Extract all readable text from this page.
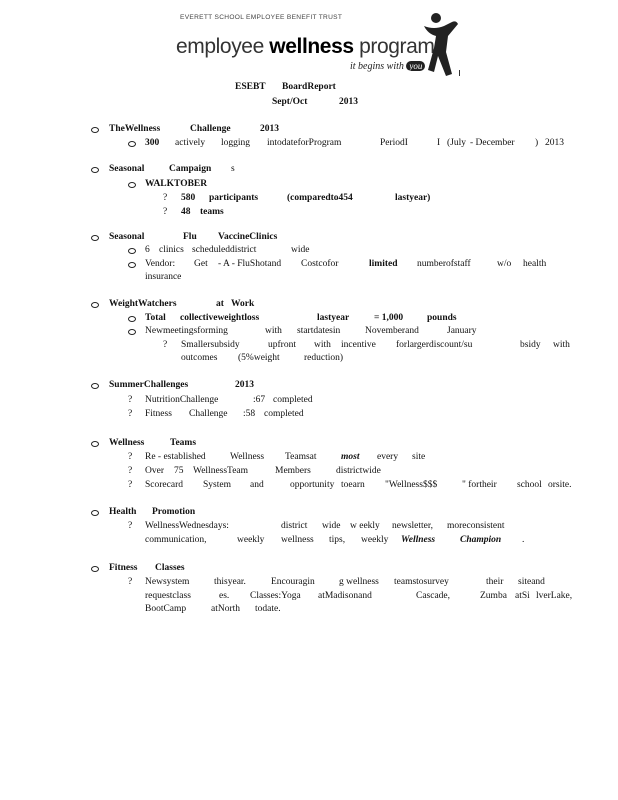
EVERETT SCHOOL EMPLOYEE BENEFIT TRUST
employee wellness program
it begins with you
ESEBT BoardReport
Sept/Oct	2013
TheWellness	Challenge	2013
300 actively logging intodateforProgram	PeriodI	I (July - December ) 2013
Seasonal	Campaign s
WALKTOBER
? 580 participants	(comparedto454	lastyear)
? 48 teams
Seasonal	Flu VaccineClinics
6 clinics scheduleddistrict	wide
Vendor: Get - A - FluShotand Costcofor	limited numberofstaff	w/o health
insurance
WeightWatchers	at Work
Total collectiveweightloss	lastyear	= 1,000	pounds
Newmeetingsforming	with startdatesin	Novemberand	January
? Smallersubsidy	upfront with incentive forlargerdiscount/su	bsidy with
outcomes (5%weight	reduction)
SummerChallenges	2013
? NutritionChallenge	:67 completed
? Fitness Challenge :58 completed
Wellness	Teams
? Re - established	Wellness Teamsat	most every site
? Over 75 WellnessTeam	Members	districtwide
? Scorecard System and	opportunity toearn "Wellness$$$	" fortheir school orsite.
Health Promotion
? WellnessWednesdays:	district wide w eekly newsletter, moreconsistent
communication,	weekly wellness tips, weekly Wellness	Champion .
Fitness Classes
? Newsystem	thisyear.	Encouragin	g wellness teamstosurvey	their siteand
requestclass	es. Classes:Yoga atMadisonand	Cascade,	Zumba atSi lverLake,
BootCamp	atNorth todate.
